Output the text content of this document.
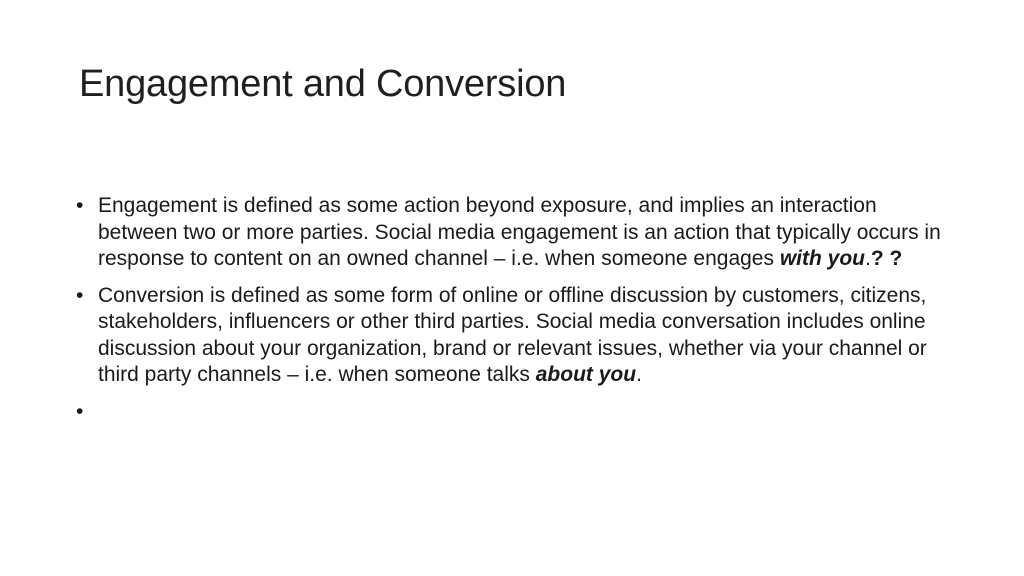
Engagement and Conversion
• Engagement is defined as some action beyond exposure, and implies an interaction between two or more parties. Social media engagement is an action that typically occurs in response to content on an owned channel – i.e. when someone engages with you.? ?
• Conversion is defined as some form of online or offline discussion by customers, citizens, stakeholders, influencers or other third parties. Social media conversation includes online discussion about your organization, brand or relevant issues, whether via your channel or third party channels – i.e. when someone talks about you.
•
